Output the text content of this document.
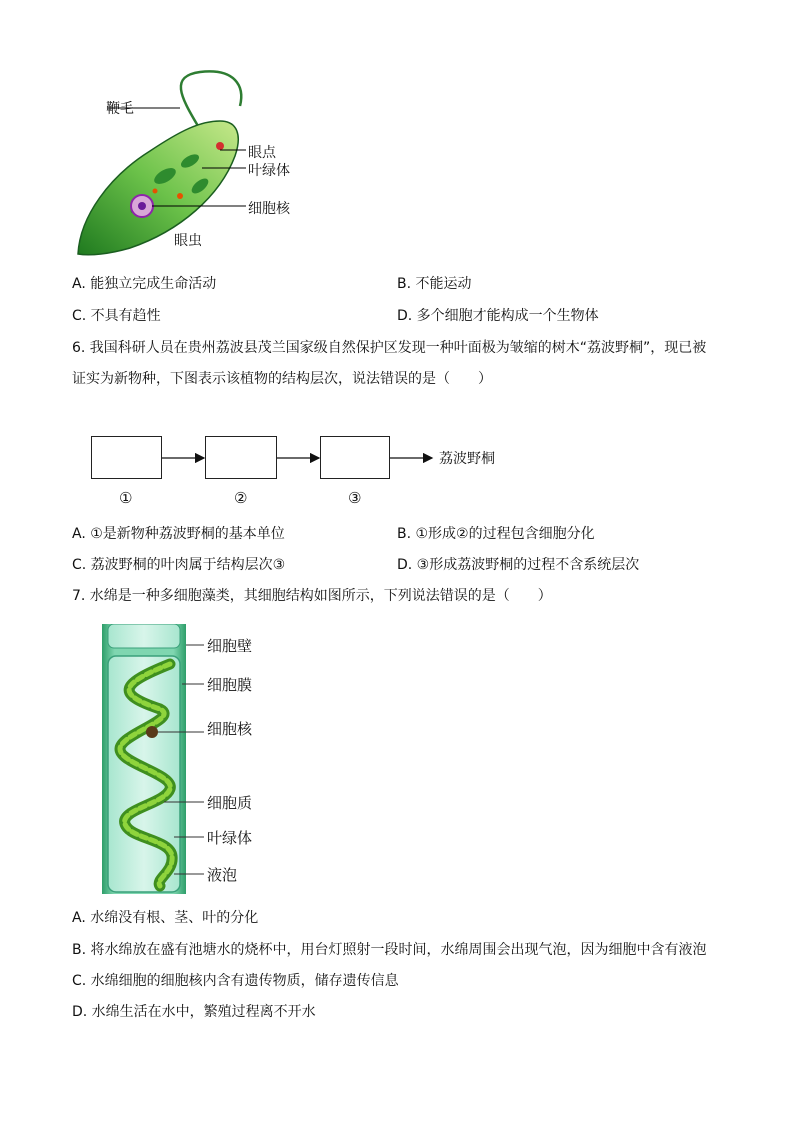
鞭毛
眼点
叶绿体
细胞核
眼虫
A. 能独立完成生命活动	B. 不能运动
C. 不具有趋性	D. 多个细胞才能构成一个生物体
6. 我国科研人员在贵州荔波县茂兰国家级自然保护区发现一种叶面极为皱缩的树木“荔波野桐”，现已被
证实为新物种，下图表示该植物的结构层次，说法错误的是（　　）
荔波野桐
①	②	③
A. ①是新物种荔波野桐的基本单位	B. ①形成②的过程包含细胞分化
C. 荔波野桐的叶肉属于结构层次③	D. ③形成荔波野桐的过程不含系统层次
7. 水绵是一种多细胞藻类，其细胞结构如图所示，下列说法错误的是（　　）
细胞壁
细胞膜
细胞核
细胞质
叶绿体
液泡
A. 水绵没有根、茎、叶的分化
B. 将水绵放在盛有池塘水的烧杯中，用台灯照射一段时间，水绵周围会出现气泡，因为细胞中含有液泡
C. 水绵细胞的细胞核内含有遗传物质，储存遗传信息
D. 水绵生活在水中，繁殖过程离不开水
